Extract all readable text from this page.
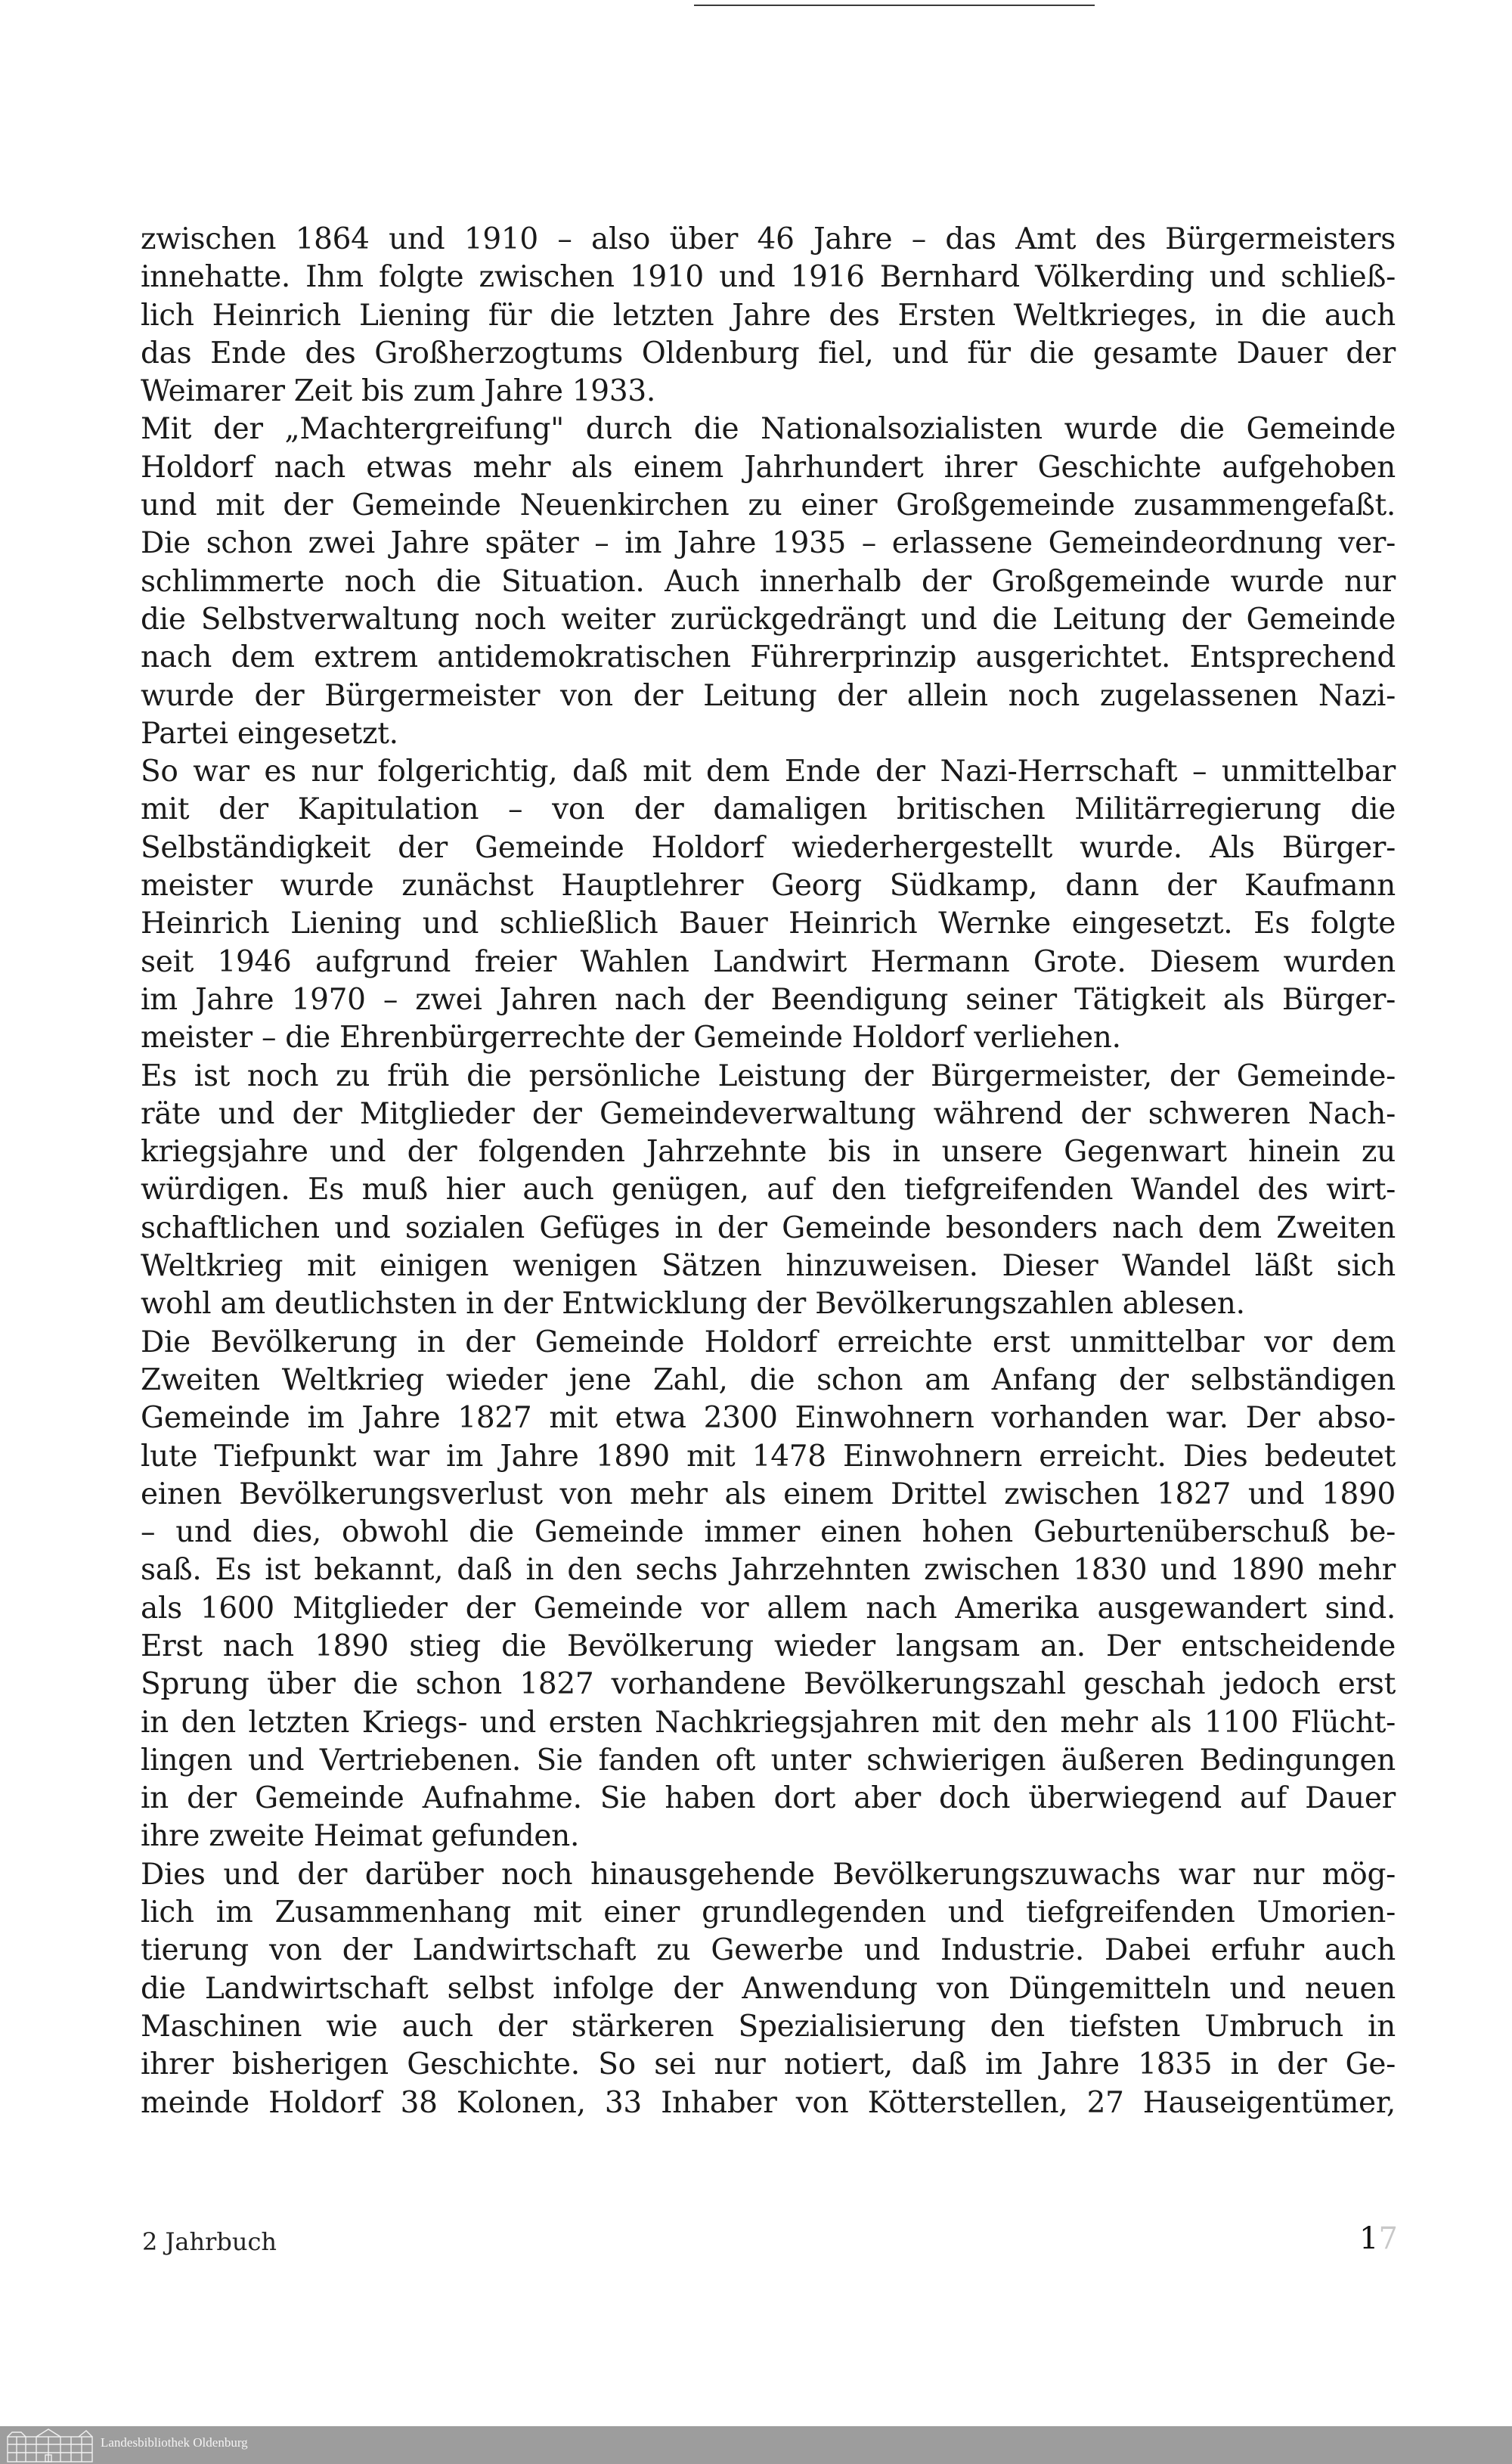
zwischen 1864 und 1910 – also über 46 Jahre – das Amt des Bürgermeisters
innehatte. Ihm folgte zwischen 1910 und 1916 Bernhard Völkerding und schließ-
lich Heinrich Liening für die letzten Jahre des Ersten Weltkrieges, in die auch
das Ende des Großherzogtums Oldenburg fiel, und für die gesamte Dauer der
Weimarer Zeit bis zum Jahre 1933.
Mit der „Machtergreifung" durch die Nationalsozialisten wurde die Gemeinde
Holdorf nach etwas mehr als einem Jahrhundert ihrer Geschichte aufgehoben
und mit der Gemeinde Neuenkirchen zu einer Großgemeinde zusammengefaßt.
Die schon zwei Jahre später – im Jahre 1935 – erlassene Gemeindeordnung ver-
schlimmerte noch die Situation. Auch innerhalb der Großgemeinde wurde nur
die Selbstverwaltung noch weiter zurückgedrängt und die Leitung der Gemeinde
nach dem extrem antidemokratischen Führerprinzip ausgerichtet. Entsprechend
wurde der Bürgermeister von der Leitung der allein noch zugelassenen Nazi-
Partei eingesetzt.
So war es nur folgerichtig, daß mit dem Ende der Nazi-Herrschaft – unmittelbar
mit der Kapitulation – von der damaligen britischen Militärregierung die
Selbständigkeit der Gemeinde Holdorf wiederhergestellt wurde. Als Bürger-
meister wurde zunächst Hauptlehrer Georg Südkamp, dann der Kaufmann
Heinrich Liening und schließlich Bauer Heinrich Wernke eingesetzt. Es folgte
seit 1946 aufgrund freier Wahlen Landwirt Hermann Grote. Diesem wurden
im Jahre 1970 – zwei Jahren nach der Beendigung seiner Tätigkeit als Bürger-
meister – die Ehrenbürgerrechte der Gemeinde Holdorf verliehen.
Es ist noch zu früh die persönliche Leistung der Bürgermeister, der Gemeinde-
räte und der Mitglieder der Gemeindeverwaltung während der schweren Nach-
kriegsjahre und der folgenden Jahrzehnte bis in unsere Gegenwart hinein zu
würdigen. Es muß hier auch genügen, auf den tiefgreifenden Wandel des wirt-
schaftlichen und sozialen Gefüges in der Gemeinde besonders nach dem Zweiten
Weltkrieg mit einigen wenigen Sätzen hinzuweisen. Dieser Wandel läßt sich
wohl am deutlichsten in der Entwicklung der Bevölkerungszahlen ablesen.
Die Bevölkerung in der Gemeinde Holdorf erreichte erst unmittelbar vor dem
Zweiten Weltkrieg wieder jene Zahl, die schon am Anfang der selbständigen
Gemeinde im Jahre 1827 mit etwa 2300 Einwohnern vorhanden war. Der abso-
lute Tiefpunkt war im Jahre 1890 mit 1478 Einwohnern erreicht. Dies bedeutet
einen Bevölkerungsverlust von mehr als einem Drittel zwischen 1827 und 1890
– und dies, obwohl die Gemeinde immer einen hohen Geburtenüberschuß be-
saß. Es ist bekannt, daß in den sechs Jahrzehnten zwischen 1830 und 1890 mehr
als 1600 Mitglieder der Gemeinde vor allem nach Amerika ausgewandert sind.
Erst nach 1890 stieg die Bevölkerung wieder langsam an. Der entscheidende
Sprung über die schon 1827 vorhandene Bevölkerungszahl geschah jedoch erst
in den letzten Kriegs- und ersten Nachkriegsjahren mit den mehr als 1100 Flücht-
lingen und Vertriebenen. Sie fanden oft unter schwierigen äußeren Bedingungen
in der Gemeinde Aufnahme. Sie haben dort aber doch überwiegend auf Dauer
ihre zweite Heimat gefunden.
Dies und der darüber noch hinausgehende Bevölkerungszuwachs war nur mög-
lich im Zusammenhang mit einer grundlegenden und tiefgreifenden Umorien-
tierung von der Landwirtschaft zu Gewerbe und Industrie. Dabei erfuhr auch
die Landwirtschaft selbst infolge der Anwendung von Düngemitteln und neuen
Maschinen wie auch der stärkeren Spezialisierung den tiefsten Umbruch in
ihrer bisherigen Geschichte. So sei nur notiert, daß im Jahre 1835 in der Ge-
meinde Holdorf 38 Kolonen, 33 Inhaber von Kötterstellen, 27 Hauseigentümer,
2 Jahrbuch	17
Landesbibliothek Oldenburg
